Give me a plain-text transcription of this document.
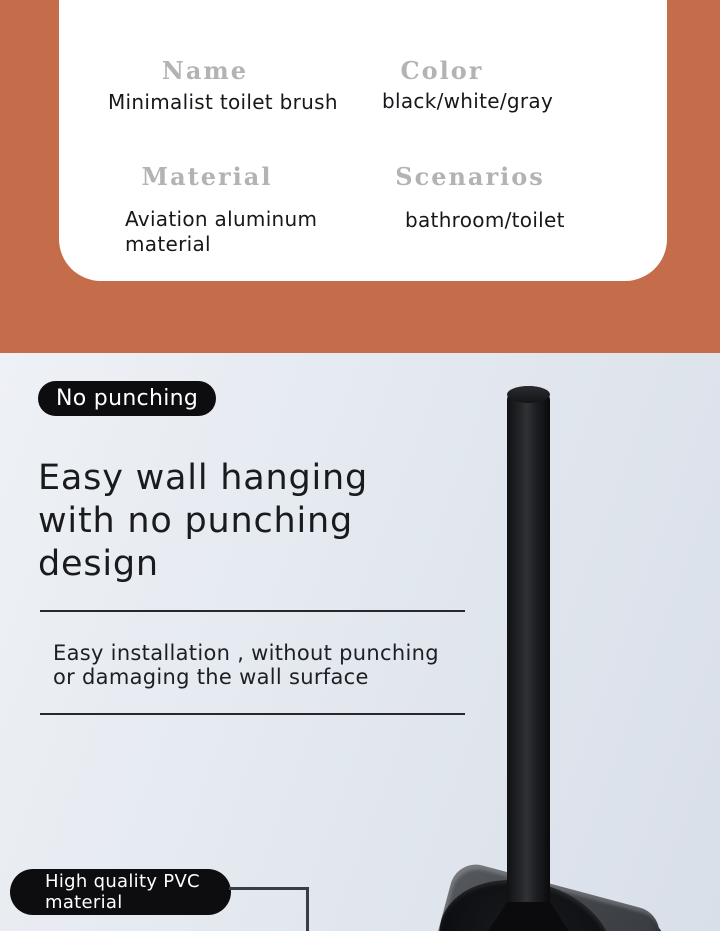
Name	Color
Minimalist toilet brush black/white/gray
Material	Scenarios
Aviation aluminum material
bathroom/toilet
No punching
Easy wall hanging
with no punching
design
Easy installation , without punching
or damaging the wall surface
High quality PVC
material
